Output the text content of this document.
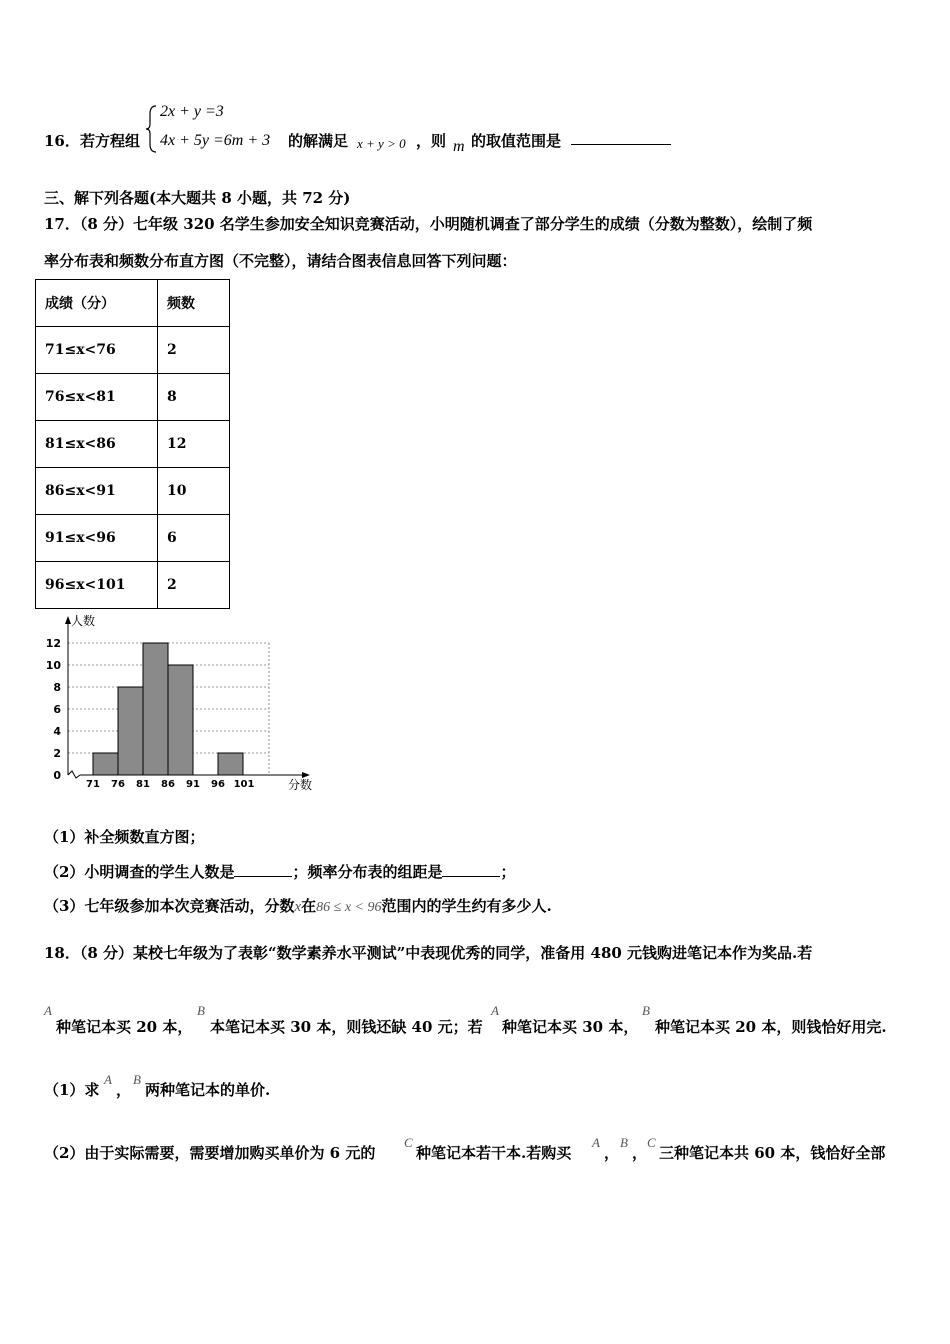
16． 若方程组
2x + y =3
4x + 5y =6m + 3 的解满足 x + y > 0 ，则 m 的取值范围是
三、解下列各题(本大题共 8 小题，共 72 分)
17．（8 分）七年级 320 名学生参加安全知识竞赛活动，小明随机调查了部分学生的成绩（分数为整数），绘制了频
率分布表和频数分布直方图（不完整），请结合图表信息回答下列问题：
成绩（分）	频数
71≤x<76	2
76≤x<81	8
81≤x<86	12
86≤x<91	10
91≤x<96	6
96≤x<101	2
0
2
4
6
8
10
12
71 76 81 86 91 96 101
人数
分数
（1）补全频数直方图；
（2）小明调查的学生人数是	；频率分布表的组距是	；
（3）七年级参加本次竞赛活动，分数x在86 ≤ x < 96范围内的学生约有多少人.
18．（8 分）某校七年级为了表彰“数学素养水平测试”中表现优秀的同学，准备用 480 元钱购进笔记本作为奖品.若
A
种笔记本买 20 本，
B
本笔记本买 30 本，则钱还缺 40 元；若
A
种笔记本买 30 本，
B
种笔记本买 20 本，则钱恰好用完.
（1）求
A
，
B
两种笔记本的单价.
（2）由于实际需要，需要增加购买单价为 6 元的
C
种笔记本若干本.若购买
A
，
B
，
C
三种笔记本共 60 本，钱恰好全部
